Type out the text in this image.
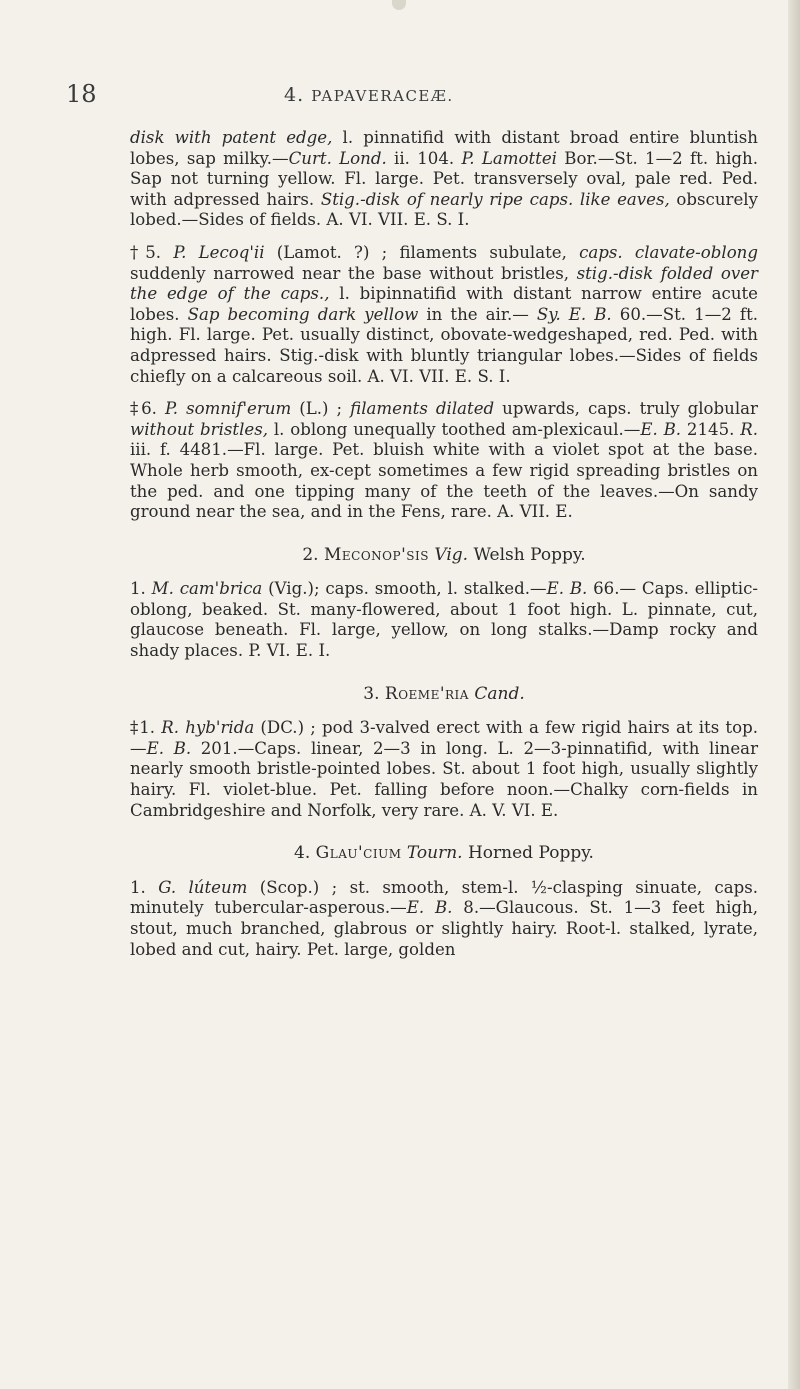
18	4. PAPAVERACEÆ.

disk with patent edge, l. pinnatifid with distant broad entire bluntish lobes, sap milky.—Curt. Lond. ii. 104. P. Lamottei Bor.—St. 1—2 ft. high. Sap not turning yellow. Fl. large. Pet. transversely oval, pale red. Ped. with adpressed hairs. Stig.-disk of nearly ripe caps. like eaves, obscurely lobed.—Sides of fields. A. VI. VII. E. S. I.

†5. P. Lecoq'ii (Lamot. ?) ; filaments subulate, caps. clavate-oblong suddenly narrowed near the base without bristles, stig.-disk folded over the edge of the caps., l. bipinnatifid with distant narrow entire acute lobes. Sap becoming dark yellow in the air.— Sy. E. B. 60.—St. 1—2 ft. high. Fl. large. Pet. usually distinct, obovate-wedgeshaped, red. Ped. with adpressed hairs. Stig.-disk with bluntly triangular lobes.—Sides of fields chiefly on a calcareous soil. A. VI. VII. E. S. I.

‡6. P. somnif'erum (L.) ; filaments dilated upwards, caps. truly globular without bristles, l. oblong unequally toothed am-plexicaul.—E. B. 2145. R. iii. f. 4481.—Fl. large. Pet. bluish white with a violet spot at the base. Whole herb smooth, ex-cept sometimes a few rigid spreading bristles on the ped. and one tipping many of the teeth of the leaves.—On sandy ground near the sea, and in the Fens, rare. A. VII. E.

2. Meconop'sis Vig. Welsh Poppy.

1. M. cam'brica (Vig.); caps. smooth, l. stalked.—E. B. 66.— Caps. elliptic-oblong, beaked. St. many-flowered, about 1 foot high. L. pinnate, cut, glaucose beneath. Fl. large, yellow, on long stalks.—Damp rocky and shady places. P. VI. E. I.

3. Roeme'ria Cand.

‡1. R. hyb'rida (DC.) ; pod 3-valved erect with a few rigid hairs at its top.—E. B. 201.—Caps. linear, 2—3 in long. L. 2—3-pinnatifid, with linear nearly smooth bristle-pointed lobes. St. about 1 foot high, usually slightly hairy. Fl. violet-blue. Pet. falling before noon.—Chalky corn-fields in Cambridgeshire and Norfolk, very rare. A. V. VI. E.

4. Glau'cium Tourn. Horned Poppy.

1. G. lúteum (Scop.) ; st. smooth, stem-l. ½-clasping sinuate, caps. minutely tubercular-asperous.—E. B. 8.—Glaucous. St. 1—3 feet high, stout, much branched, glabrous or slightly hairy. Root-l. stalked, lyrate, lobed and cut, hairy. Pet. large, golden
